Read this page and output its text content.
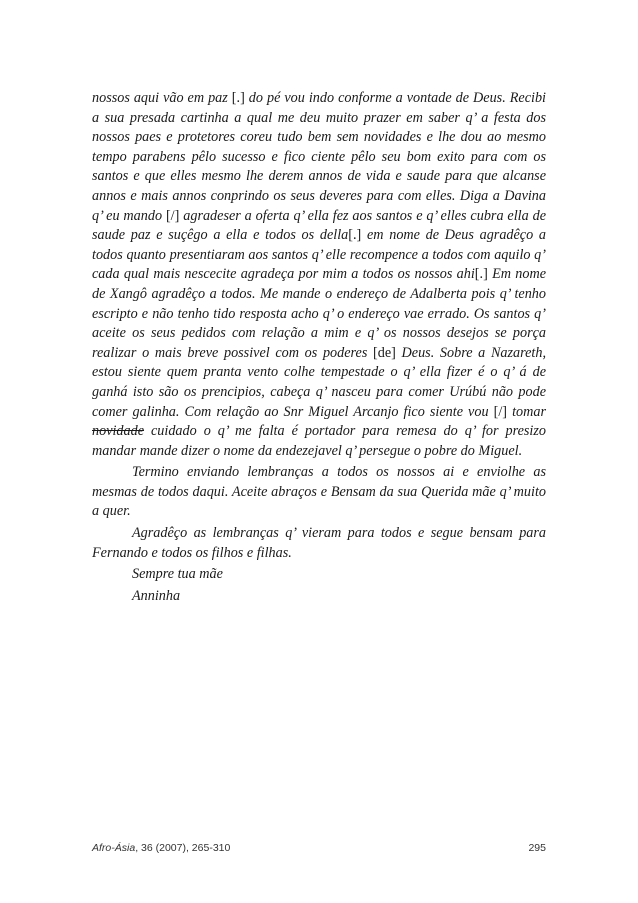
nossos aqui vão em paz [.] do pé vou indo conforme a vontade de Deus. Recibi a sua presada cartinha a qual me deu muito prazer em saber q’ a festa dos nossos paes e protetores coreu tudo bem sem novidades e lhe dou ao mesmo tempo parabens pêlo sucesso e fico ciente pêlo seu bom exito para com os santos e que elles mesmo lhe derem annos de vida e saude para que alcanse annos e mais annos conprindo os seus deveres para com elles. Diga a Davina q’ eu mando [/] agradeser a oferta q’ ella fez aos santos e q’ elles cubra ella de saude paz e suçêgo a ella e todos os della[.] em nome de Deus agradêço a todos quanto presentiaram aos santos q’ elle recompence a todos com aquilo q’ cada qual mais nescecite agradeça por mim a todos os nossos ahi[.] Em nome de Xangô agradêço a todos. Me mande o endereço de Adalberta pois q’ tenho escripto e não tenho tido resposta acho q’ o endereço vae errado. Os santos q’ aceite os seus pedidos com relação a mim e q’ os nossos desejos se porça realizar o mais breve possivel com os poderes [de] Deus. Sobre a Nazareth, estou siente quem pranta vento colhe tempestade o q’ ella fizer é o q’ á de ganhá isto são os prencipios, cabeça q’ nasceu para comer Urúbú não pode comer galinha. Com relação ao Snr Miguel Arcanjo fico siente vou [/] tomar novidade cuidado o q’ me falta é portador para remesa do q’ for presizo mandar mande dizer o nome da endezejavel q’ persegue o pobre do Miguel.

Termino enviando lembranças a todos os nossos ai e enviolhe as mesmas de todos daqui. Aceite abraços e Bensam da sua Querida mãe q’ muito a quer.

Agradêço as lembranças q’ vieram para todos e segue bensam para Fernando e todos os filhos e filhas.

Sempre tua mãe

Anninha

Afro-Ásia, 36 (2007), 265-310	295
